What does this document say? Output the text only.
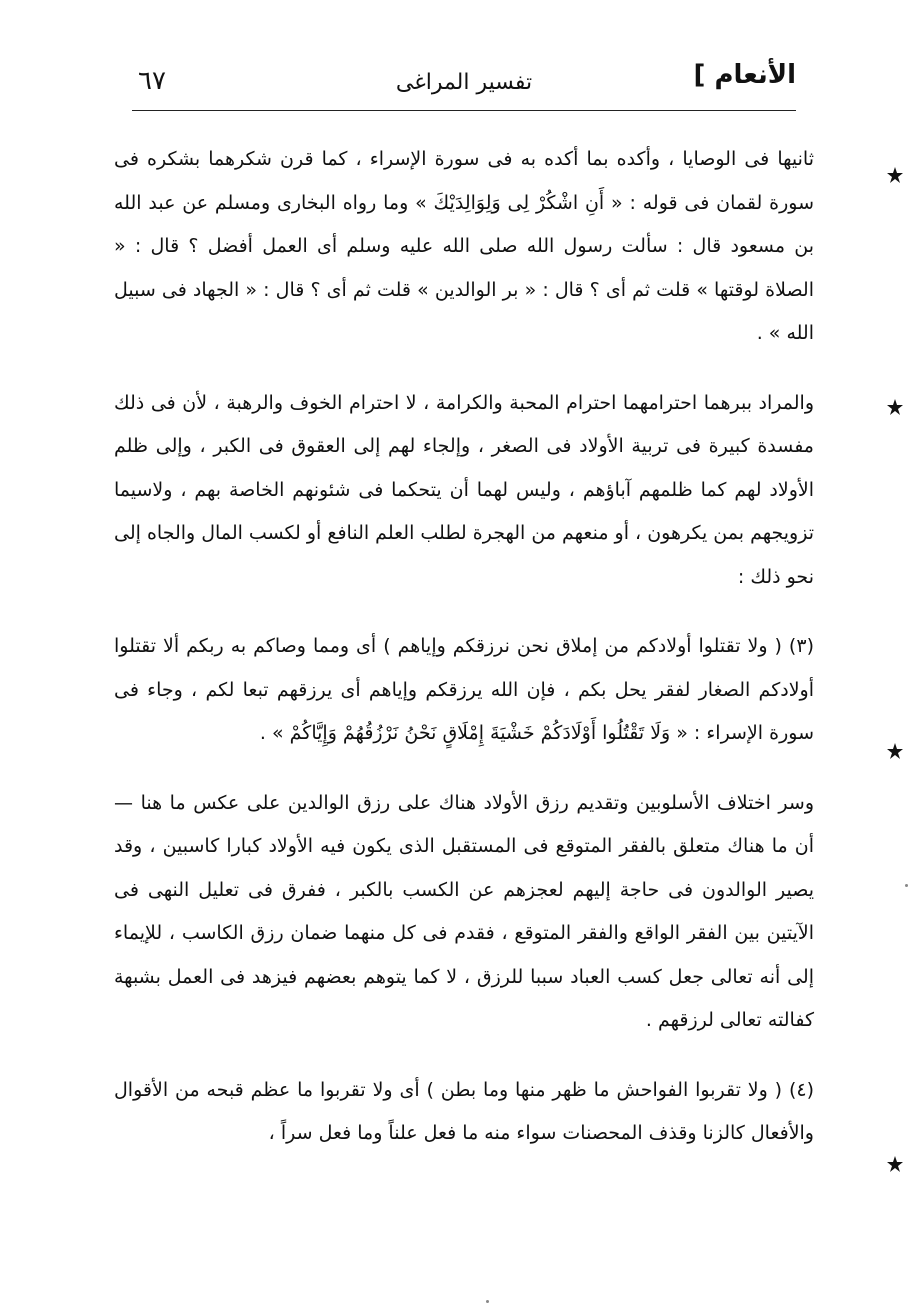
الأنعام ]
تفسير المراغى
٦٧

ثانيها فى الوصايا ، وأكده بما أكده به فى سورة الإسراء ، كما قرن شكرهما بشكره فى سورة لقمان فى قوله : « أَنِ اشْكُرْ لِى وَلِوَالِدَيْكَ » وما رواه البخارى ومسلم عن عبد الله بن مسعود قال : سألت رسول الله صلى الله عليه وسلم أى العمل أفضل ؟ قال : « الصلاة لوقتها » قلت ثم أى ؟ قال : « بر الوالدين » قلت ثم أى ؟ قال : « الجهاد فى سبيل الله » .

والمراد ببرهما احترامهما احترام المحبة والكرامة ، لا احترام الخوف والرهبة ، لأن فى ذلك مفسدة كبيرة فى تربية الأولاد فى الصغر ، وإلجاء لهم إلى العقوق فى الكبر ، وإلى ظلم الأولاد لهم كما ظلمهم آباؤهم ، وليس لهما أن يتحكما فى شئونهم الخاصة بهم ، ولاسيما تزويجهم بمن يكرهون ، أو منعهم من الهجرة لطلب العلم النافع أو لكسب المال والجاه إلى نحو ذلك :

(٣) ( ولا تقتلوا أولادكم من إملاق نحن نرزقكم وإياهم ) أى ومما وصاكم به ربكم ألا تقتلوا أولادكم الصغار لفقر يحل بكم ، فإن الله يرزقكم وإياهم أى يرزقهم تبعا لكم ، وجاء فى سورة الإسراء : « وَلَا تَقْتُلُوا أَوْلَادَكُمْ خَشْيَةَ إِمْلَاقٍ نَحْنُ نَرْزُقُهُمْ وَإِيَّاكُمْ » .

وسر اختلاف الأسلوبين وتقديم رزق الأولاد هناك على رزق الوالدين على عكس ما هنا — أن ما هناك متعلق بالفقر المتوقع فى المستقبل الذى يكون فيه الأولاد كبارا كاسبين ، وقد يصير الوالدون فى حاجة إليهم لعجزهم عن الكسب بالكبر ، ففرق فى تعليل النهى فى الآيتين بين الفقر الواقع والفقر المتوقع ، فقدم فى كل منهما ضمان رزق الكاسب ، للإيماء إلى أنه تعالى جعل كسب العباد سببا للرزق ، لا كما يتوهم بعضهم فيزهد فى العمل بشبهة كفالته تعالى لرزقهم .

(٤) ( ولا تقربوا الفواحش ما ظهر منها وما بطن ) أى ولا تقربوا ما عظم قبحه من الأقوال والأفعال كالزنا وقذف المحصنات سواء منه ما فعل علناً وما فعل سراً ،
